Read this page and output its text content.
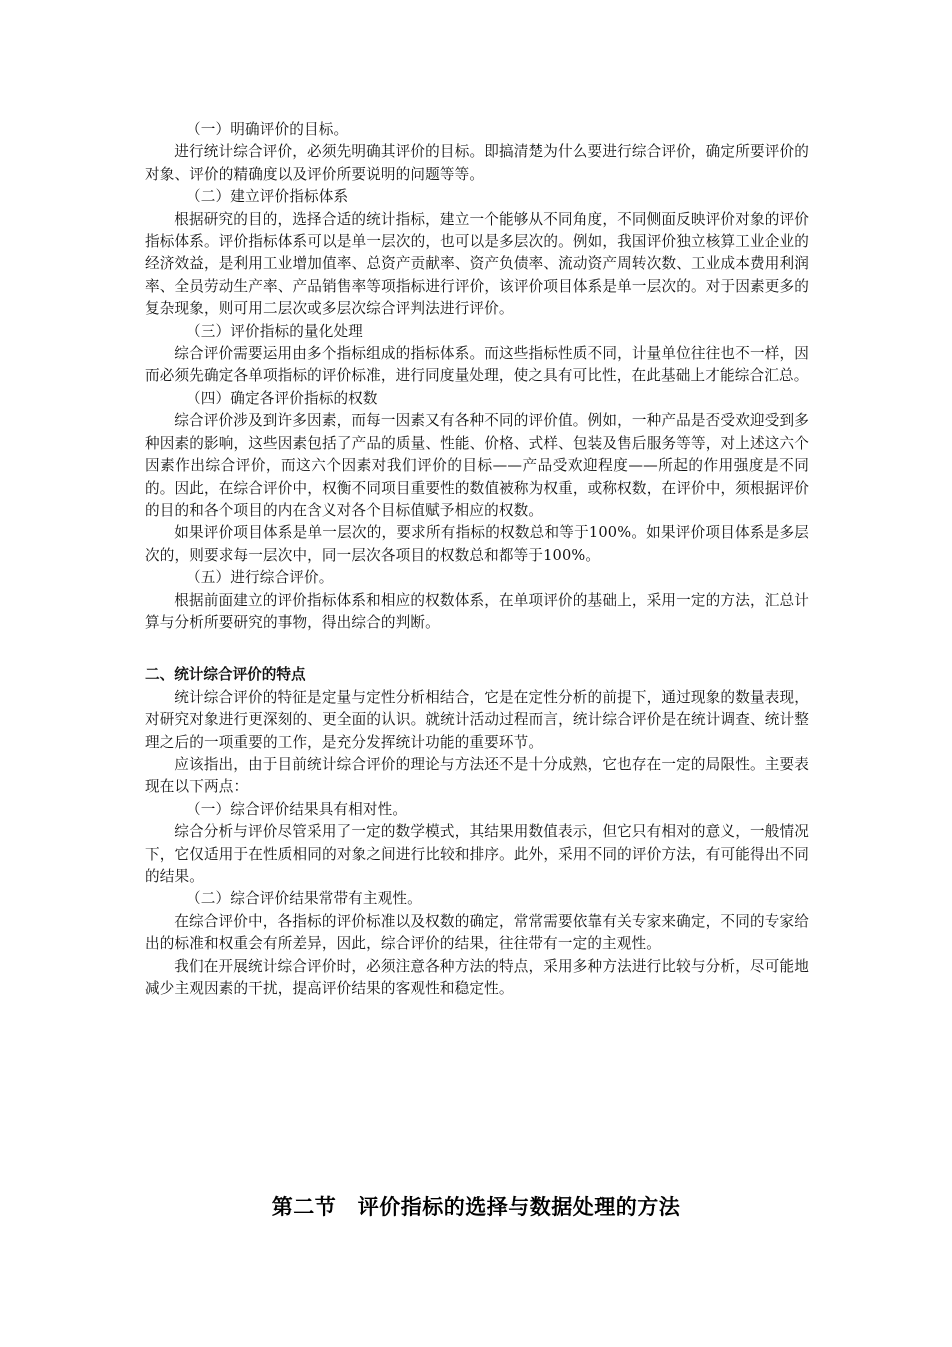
（一）明确评价的目标。

进行统计综合评价，必须先明确其评价的目标。即搞清楚为什么要进行综合评价，确定所要评价的对象、评价的精确度以及评价所要说明的问题等等。

（二）建立评价指标体系

根据研究的目的，选择合适的统计指标，建立一个能够从不同角度，不同侧面反映评价对象的评价指标体系。评价指标体系可以是单一层次的，也可以是多层次的。例如，我国评价独立核算工业企业的经济效益，是利用工业增加值率、总资产贡献率、资产负债率、流动资产周转次数、工业成本费用利润率、全员劳动生产率、产品销售率等项指标进行评价，该评价项目体系是单一层次的。对于因素更多的复杂现象，则可用二层次或多层次综合评判法进行评价。

（三）评价指标的量化处理

综合评价需要运用由多个指标组成的指标体系。而这些指标性质不同，计量单位往往也不一样，因而必须先确定各单项指标的评价标准，进行同度量处理，使之具有可比性，在此基础上才能综合汇总。

（四）确定各评价指标的权数

综合评价涉及到许多因素，而每一因素又有各种不同的评价值。例如，一种产品是否受欢迎受到多种因素的影响，这些因素包括了产品的质量、性能、价格、式样、包装及售后服务等等，对上述这六个因素作出综合评价，而这六个因素对我们评价的目标——产品受欢迎程度——所起的作用强度是不同的。因此，在综合评价中，权衡不同项目重要性的数值被称为权重，或称权数，在评价中，须根据评价的目的和各个项目的内在含义对各个目标值赋予相应的权数。

如果评价项目体系是单一层次的，要求所有指标的权数总和等于100%。如果评价项目体系是多层次的，则要求每一层次中，同一层次各项目的权数总和都等于100%。

（五）进行综合评价。

根据前面建立的评价指标体系和相应的权数体系，在单项评价的基础上，采用一定的方法，汇总计算与分析所要研究的事物，得出综合的判断。

二、统计综合评价的特点

统计综合评价的特征是定量与定性分析相结合，它是在定性分析的前提下，通过现象的数量表现，对研究对象进行更深刻的、更全面的认识。就统计活动过程而言，统计综合评价是在统计调查、统计整理之后的一项重要的工作，是充分发挥统计功能的重要环节。

应该指出，由于目前统计综合评价的理论与方法还不是十分成熟，它也存在一定的局限性。主要表现在以下两点：

（一）综合评价结果具有相对性。

综合分析与评价尽管采用了一定的数学模式，其结果用数值表示，但它只有相对的意义，一般情况下，它仅适用于在性质相同的对象之间进行比较和排序。此外，采用不同的评价方法，有可能得出不同的结果。

（二）综合评价结果常带有主观性。

在综合评价中，各指标的评价标准以及权数的确定，常常需要依靠有关专家来确定，不同的专家给出的标准和权重会有所差异，因此，综合评价的结果，往往带有一定的主观性。

我们在开展统计综合评价时，必须注意各种方法的特点，采用多种方法进行比较与分析，尽可能地减少主观因素的干扰，提高评价结果的客观性和稳定性。

第二节　评价指标的选择与数据处理的方法
